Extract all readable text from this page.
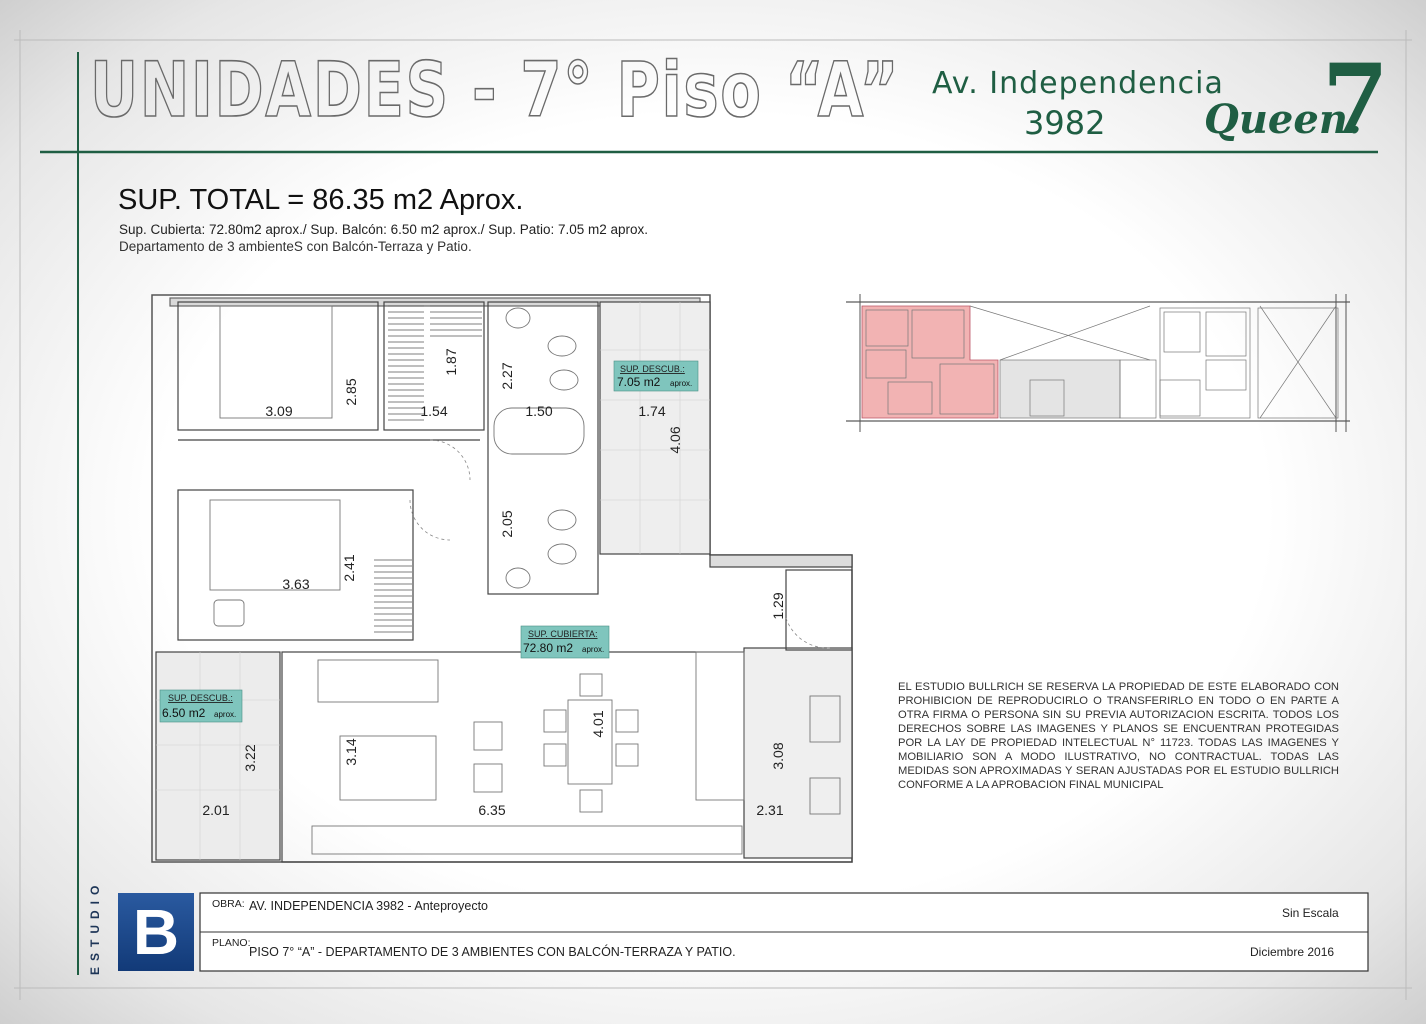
UNIDADES - 7° Piso “A” Av. Independencia
3982 Queen.
7
SUP. TOTAL = 86.35 m2 Aprox.
Sup. Cubierta: 72.80m2 aprox./ Sup. Balcón: 6.50 m2 aprox./ Sup. Patio: 7.05 m2 aprox.
Departamento de 3 ambienteS con Balcón-Terraza y Patio.
3.09
2.85
1.87
1.54	1.50
2.27
1.74
4.06
2.05
3.63
2.41
1.29
4.01
3.14
3.22
2.01	6.35
3.08
2.31
SUP. DESCUB.:
7.05 m2 aprox.
SUP. CUBIERTA:
72.80 m2 aprox.
SUP. DESCUB.:
6.50 m2 aprox.
EL ESTUDIO BULLRICH SE RESERVA LA PROPIEDAD DE ESTE ELABORADO CON PROHIBICION DE REPRODUCIRLO O TRANSFERIRLO EN TODO O EN PARTE A OTRA FIRMA O PERSONA SIN SU PREVIA AUTORIZACION ESCRITA. TODOS LOS DERECHOS SOBRE LAS IMAGENES Y PLANOS SE ENCUENTRAN PROTEGIDAS POR LA LAY DE PROPIEDAD INTELECTUAL N° 11723. TODAS LAS IMAGENES Y MOBILIARIO SON A MODO ILUSTRATIVO, NO CONTRACTUAL. TODAS LAS MEDIDAS SON APROXIMADAS Y SERAN AJUSTADAS POR EL ESTUDIO BULLRICH CONFORME A LA APROBACION FINAL MUNICIPAL
ESTUDIO B	OBRA: AV. INDEPENDENCIA 3982 - Anteproyecto	Sin Escala
PLANO:
PISO 7° “A” - DEPARTAMENTO DE 3 AMBIENTES CON BALCÓN-TERRAZA Y PATIO.	Diciembre 2016
